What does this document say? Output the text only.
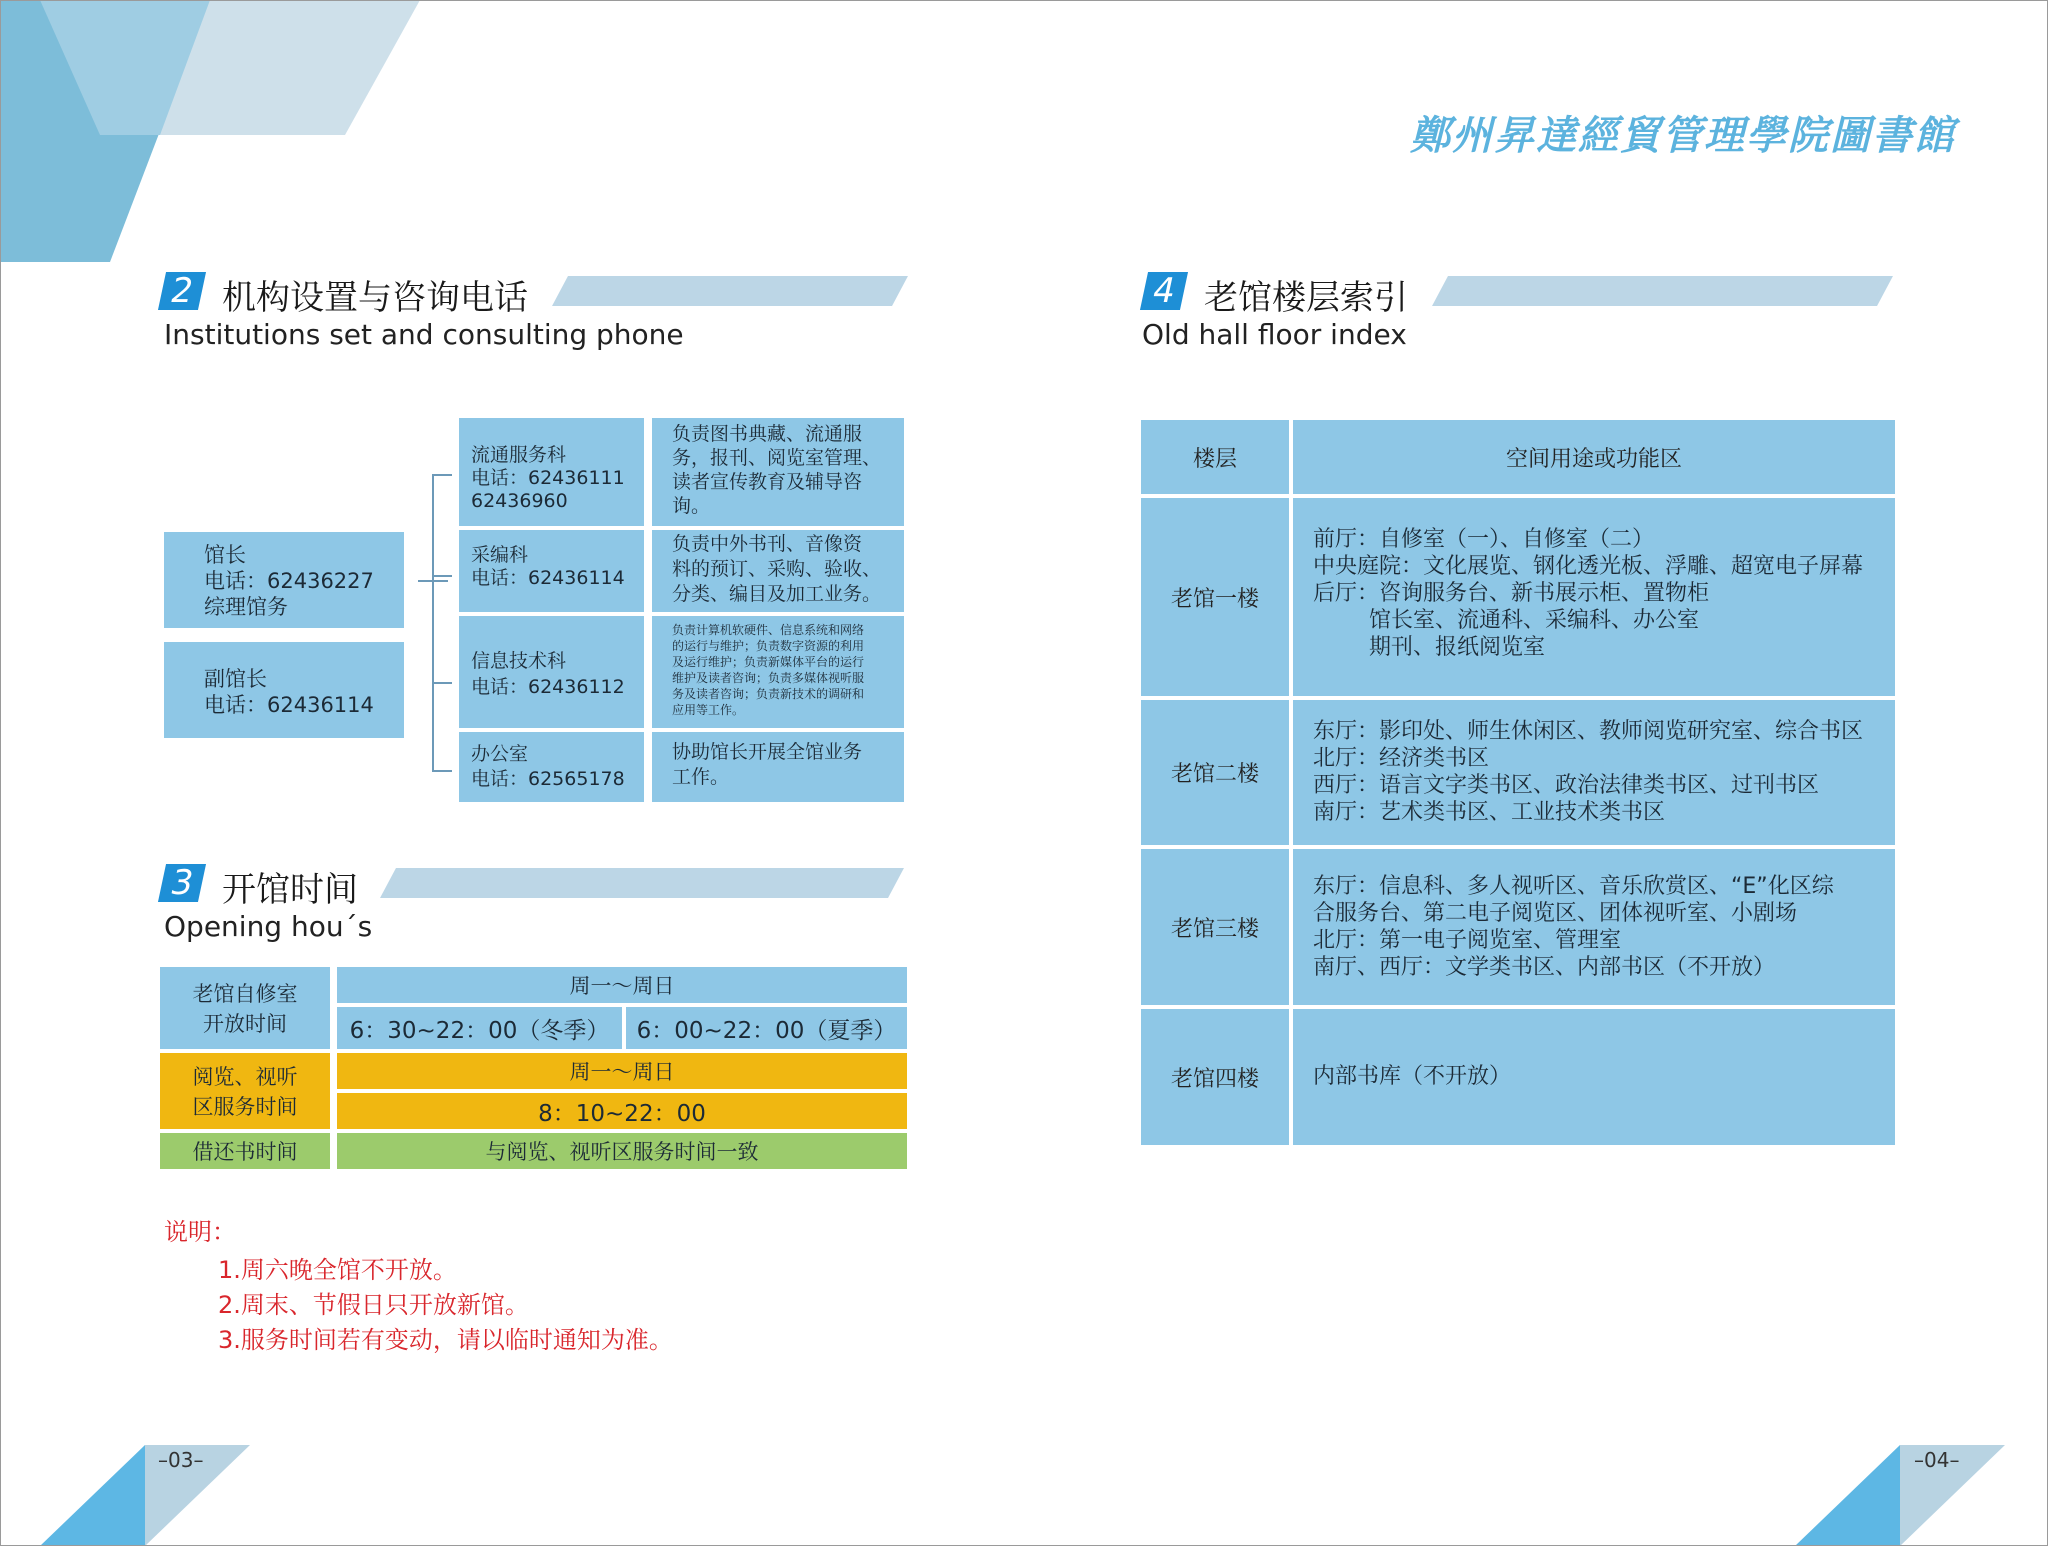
鄭州昇達經貿管理學院圖書館
2 机构设置与咨询电话
Institutions set and consulting phone
馆长
电话：62436227
综理馆务
副馆长
电话：62436114
流通服务科
电话：62436111
62436960
负责图书典藏、流通服
务，报刊、阅览室管理、
读者宣传教育及辅导咨
询。
采编科
电话：62436114
负责中外书刊、音像资
料的预订、采购、验收、
分类、编目及加工业务。
信息技术科
电话：62436112
负责计算机软硬件、信息系统和网络
的运行与维护；负责数字资源的利用
及运行维护；负责新媒体平台的运行
维护及读者咨询；负责多媒体视听服
务及读者咨询；负责新技术的调研和
应用等工作。
办公室
电话：62565178
协助馆长开展全馆业务
工作。
3 开馆时间
Opening hou´s
老馆自修室
开放时间
周一～周日
6：30~22：00（冬季）	6：00~22：00（夏季）
阅览、视听
区服务时间
周一～周日
8：10~22：00
借还书时间	与阅览、视听区服务时间一致
说明：
1.周六晚全馆不开放。
2.周末、节假日只开放新馆。
3.服务时间若有变动，请以临时通知为准。
4 老馆楼层索引
Old hall floor index
楼层	空间用途或功能区
老馆一楼
前厅：自修室（一）、自修室（二）
中央庭院：文化展览、钢化透光板、浮雕、超宽电子屏幕
后厅：咨询服务台、新书展示柜、置物柜
馆长室、流通科、采编科、办公室
期刊、报纸阅览室
老馆二楼
东厅：影印处、师生休闲区、教师阅览研究室、综合书区
北厅：经济类书区
西厅：语言文字类书区、政治法律类书区、过刊书区
南厅：艺术类书区、工业技术类书区
老馆三楼
东厅：信息科、多人视听区、音乐欣赏区、“E”化区综
合服务台、第二电子阅览区、团体视听室、小剧场
北厅：第一电子阅览室、管理室
南厅、西厅：文学类书区、内部书区（不开放）
老馆四楼	内部书库（不开放）
–03–	–04–
